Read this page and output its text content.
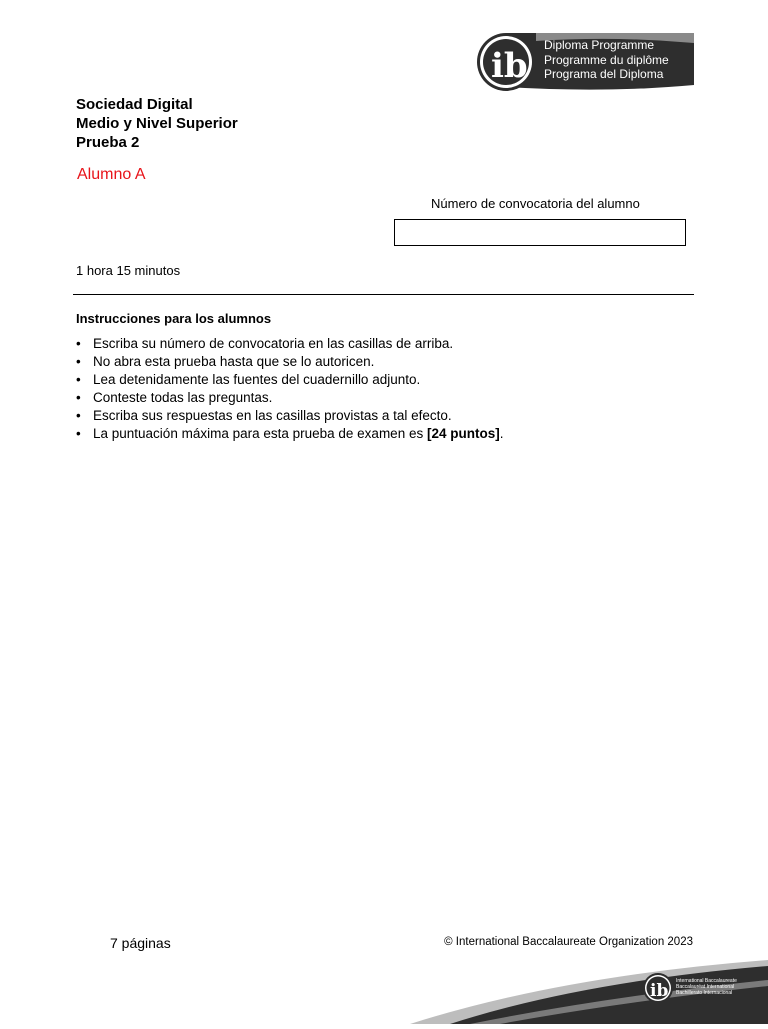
ib
Diploma Programme
Programme du diplôme
Programa del Diploma
Sociedad Digital
Medio y Nivel Superior
Prueba 2
Alumno A
Número de convocatoria del alumno
1 hora 15 minutos
Instrucciones para los alumnos
• Escriba su número de convocatoria en las casillas de arriba.
• No abra esta prueba hasta que se lo autoricen.
• Lea detenidamente las fuentes del cuadernillo adjunto.
• Conteste todas las preguntas.
• Escriba sus respuestas en las casillas provistas a tal efecto.
• La puntuación máxima para esta prueba de examen es [24 puntos].
7 páginas	© International Baccalaureate Organization 2023
ib International Baccalaureate
Baccalauréat International
Bachillerato Internacional
